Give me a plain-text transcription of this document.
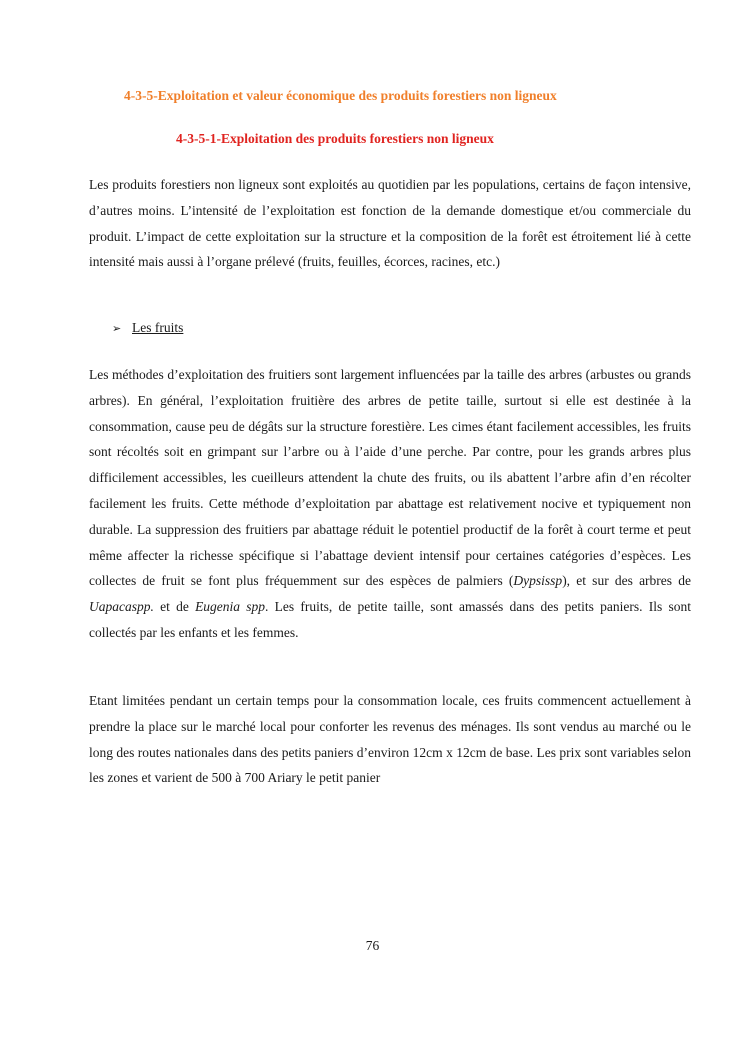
4-3-5-Exploitation et valeur économique des produits forestiers non ligneux
4-3-5-1-Exploitation des produits forestiers non ligneux

Les produits forestiers non ligneux sont exploités au quotidien par les populations, certains de façon intensive, d’autres moins. L’intensité de l’exploitation est fonction de la demande domestique et/ou commerciale du produit. L’impact de cette exploitation sur la structure et la composition de la forêt est étroitement lié à cette intensité mais aussi à l’organe prélevé (fruits, feuilles, écorces, racines, etc.)

➢ Les fruits

Les méthodes d’exploitation des fruitiers sont largement influencées par la taille des arbres (arbustes ou grands arbres). En général, l’exploitation fruitière des arbres de petite taille, surtout si elle est destinée à la consommation, cause peu de dégâts sur la structure forestière. Les cimes étant facilement accessibles, les fruits sont récoltés soit en grimpant sur l’arbre ou à l’aide d’une perche. Par contre, pour les grands arbres plus difficilement accessibles, les cueilleurs attendent la chute des fruits, ou ils abattent l’arbre afin d’en récolter facilement les fruits. Cette méthode d’exploitation par abattage est relativement nocive et typiquement non durable. La suppression des fruitiers par abattage réduit le potentiel productif de la forêt à court terme et peut même affecter la richesse spécifique si l’abattage devient intensif pour certaines catégories d’espèces. Les collectes de fruit se font plus fréquemment sur des espèces de palmiers (Dypsissp), et sur des arbres de Uapacaspp. et de Eugenia spp. Les fruits, de petite taille, sont amassés dans des petits paniers. Ils sont collectés par les enfants et les femmes.

Etant limitées pendant un certain temps pour la consommation locale, ces fruits commencent actuellement à prendre la place sur le marché local pour conforter les revenus des ménages. Ils sont vendus au marché ou le long des routes nationales dans des petits paniers d’environ 12cm x 12cm de base. Les prix sont variables selon les zones et varient de 500 à 700 Ariary le petit panier

76
